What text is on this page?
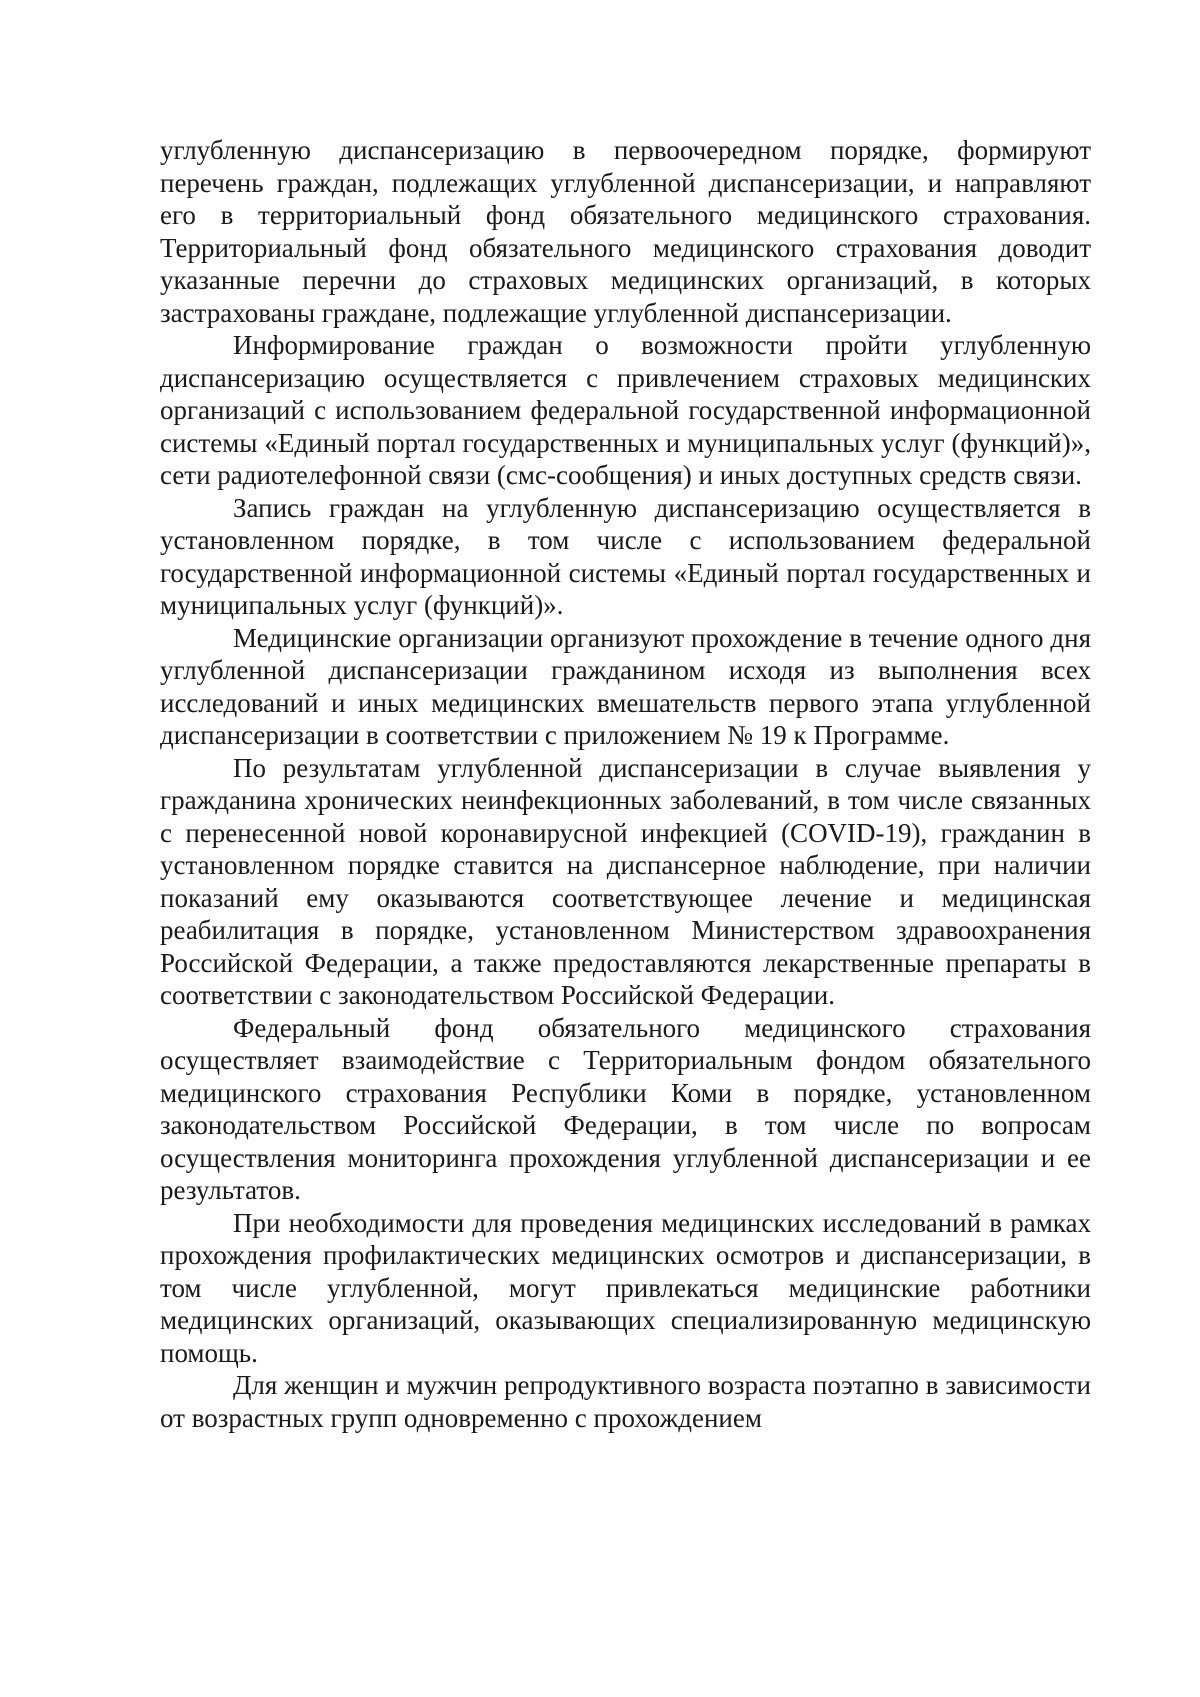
углубленную диспансеризацию в первоочередном порядке, формируют перечень граждан, подлежащих углубленной диспансеризации, и направляют его в территориальный фонд обязательного медицинского страхования. Территориальный фонд обязательного медицинского страхования доводит указанные перечни до страховых медицинских организаций, в которых застрахованы граждане, подлежащие углубленной диспансеризации.

Информирование граждан о возможности пройти углубленную диспансеризацию осуществляется с привлечением страховых медицинских организаций с использованием федеральной государственной информационной системы «Единый портал государственных и муниципальных услуг (функций)», сети радиотелефонной связи (смс-сообщения) и иных доступных средств связи.

Запись граждан на углубленную диспансеризацию осуществляется в установленном порядке, в том числе с использованием федеральной государственной информационной системы «Единый портал государственных и муниципальных услуг (функций)».

Медицинские организации организуют прохождение в течение одного дня углубленной диспансеризации гражданином исходя из выполнения всех исследований и иных медицинских вмешательств первого этапа углубленной диспансеризации в соответствии с приложением № 19 к Программе.

По результатам углубленной диспансеризации в случае выявления у гражданина хронических неинфекционных заболеваний, в том числе связанных с перенесенной новой коронавирусной инфекцией (COVID-19), гражданин в установленном порядке ставится на диспансерное наблюдение, при наличии показаний ему оказываются соответствующее лечение и медицинская реабилитация в порядке, установленном Министерством здравоохранения Российской Федерации, а также предоставляются лекарственные препараты в соответствии с законодательством Российской Федерации.

Федеральный фонд обязательного медицинского страхования осуществляет взаимодействие с Территориальным фондом обязательного медицинского страхования Республики Коми в порядке, установленном законодательством Российской Федерации, в том числе по вопросам осуществления мониторинга прохождения углубленной диспансеризации и ее результатов.

При необходимости для проведения медицинских исследований в рамках прохождения профилактических медицинских осмотров и диспансеризации, в том числе углубленной, могут привлекаться медицинские работники медицинских организаций, оказывающих специализированную медицинскую помощь.

Для женщин и мужчин репродуктивного возраста поэтапно в зависимости от возрастных групп одновременно с прохождением
